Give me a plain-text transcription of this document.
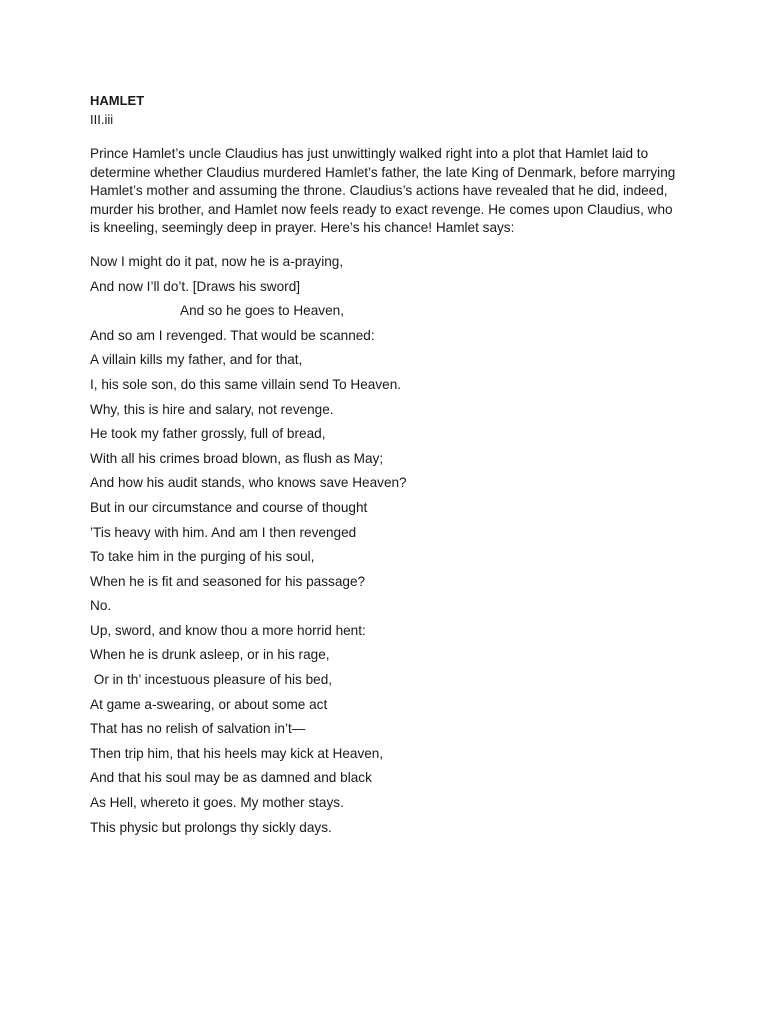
HAMLET
III.iii

Prince Hamlet’s uncle Claudius has just unwittingly walked right into a plot that Hamlet laid to determine whether Claudius murdered Hamlet’s father, the late King of Denmark, before marrying Hamlet’s mother and assuming the throne. Claudius’s actions have revealed that he did, indeed, murder his brother, and Hamlet now feels ready to exact revenge. He comes upon Claudius, who is kneeling, seemingly deep in prayer. Here’s his chance! Hamlet says:

Now I might do it pat, now he is a-praying,
And now I’ll do’t. [Draws his sword]
And so he goes to Heaven,
And so am I revenged. That would be scanned:
A villain kills my father, and for that,
I, his sole son, do this same villain send To Heaven.
Why, this is hire and salary, not revenge.
He took my father grossly, full of bread,
With all his crimes broad blown, as flush as May;
And how his audit stands, who knows save Heaven?
But in our circumstance and course of thought
’Tis heavy with him. And am I then revenged
To take him in the purging of his soul,
When he is fit and seasoned for his passage?
No.
Up, sword, and know thou a more horrid hent:
When he is drunk asleep, or in his rage,
Or in th’ incestuous pleasure of his bed,
At game a-swearing, or about some act
That has no relish of salvation in’t—
Then trip him, that his heels may kick at Heaven,
And that his soul may be as damned and black
As Hell, whereto it goes. My mother stays.
This physic but prolongs thy sickly days.
